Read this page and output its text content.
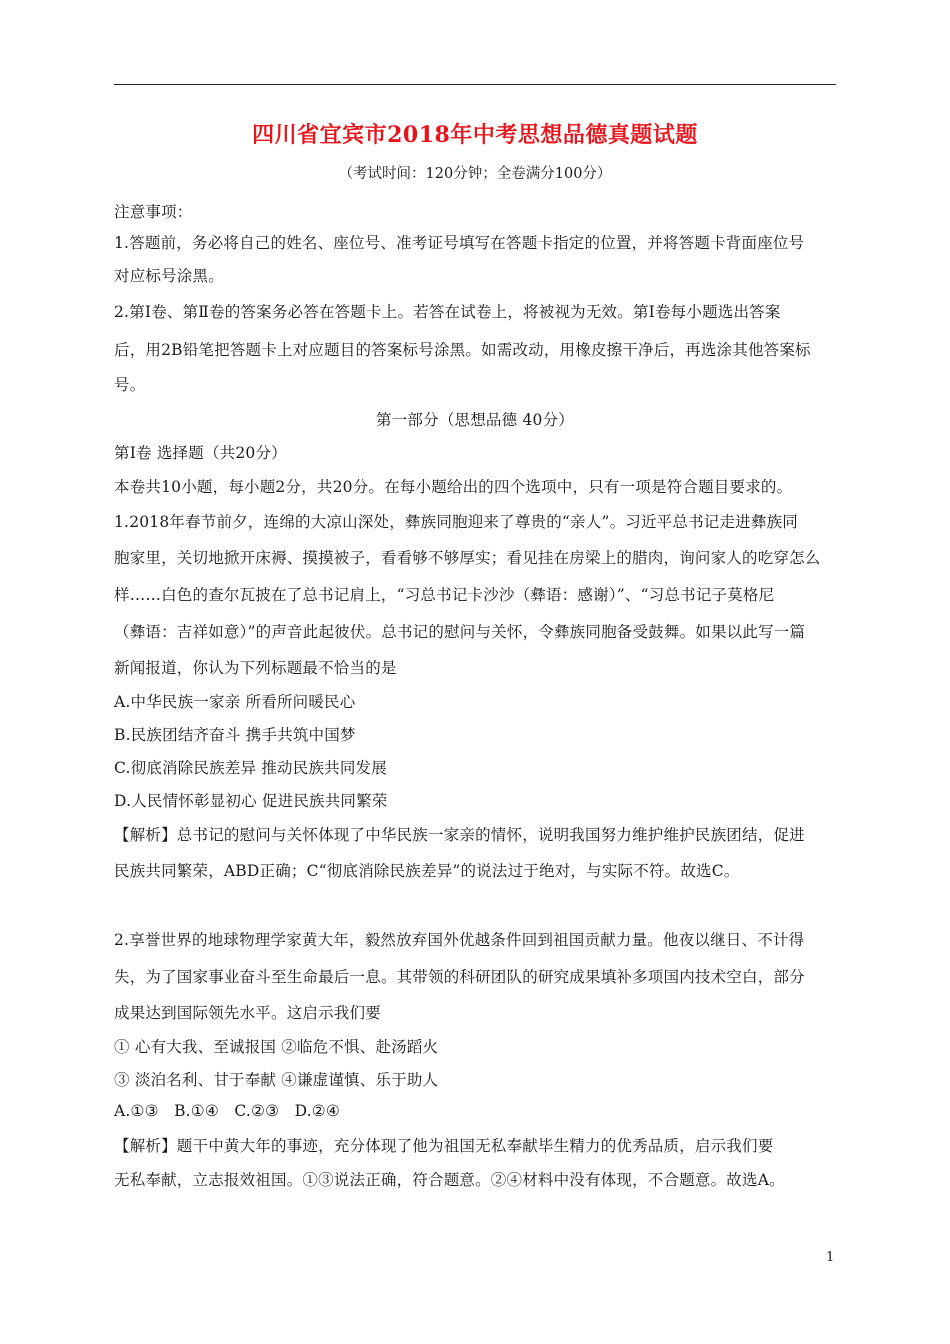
四川省宜宾市2018年中考思想品德真题试题
（考试时间：120分钟；全卷满分100分）
注意事项：
1.答题前，务必将自己的姓名、座位号、准考证号填写在答题卡指定的位置，并将答题卡背面座位号
对应标号涂黑。
2.第Ⅰ卷、第Ⅱ卷的答案务必答在答题卡上。若答在试卷上，将被视为无效。第Ⅰ卷每小题选出答案
后，用2B铅笔把答题卡上对应题目的答案标号涂黑。如需改动，用橡皮擦干净后，再选涂其他答案标
号。
第一部分（思想品德 40分）
第Ⅰ卷 选择题（共20分）
本卷共10小题，每小题2分，共20分。在每小题给出的四个选项中，只有一项是符合题目要求的。
1.2018年春节前夕，连绵的大凉山深处，彝族同胞迎来了尊贵的“亲人”。习近平总书记走进彝族同
胞家里，关切地掀开床褥、摸摸被子，看看够不够厚实；看见挂在房梁上的腊肉，询问家人的吃穿怎么
样……白色的查尔瓦披在了总书记肩上，“习总书记卡沙沙（彝语：感谢）”、“习总书记子莫格尼
（彝语：吉祥如意）”的声音此起彼伏。总书记的慰问与关怀，令彝族同胞备受鼓舞。如果以此写一篇
新闻报道，你认为下列标题最不恰当的是
A.中华民族一家亲 所看所问暖民心
B.民族团结齐奋斗 携手共筑中国梦
C.彻底消除民族差异 推动民族共同发展
D.人民情怀彰显初心 促进民族共同繁荣
【解析】总书记的慰问与关怀体现了中华民族一家亲的情怀，说明我国努力维护维护民族团结，促进
民族共同繁荣，ABD正确；C“彻底消除民族差异”的说法过于绝对，与实际不符。故选C。
2.享誉世界的地球物理学家黄大年，毅然放弃国外优越条件回到祖国贡献力量。他夜以继日、不计得
失，为了国家事业奋斗至生命最后一息。其带领的科研团队的研究成果填补多项国内技术空白，部分
成果达到国际领先水平。这启示我们要
① 心有大我、至诚报国 ②临危不惧、赴汤蹈火
③ 淡泊名利、甘于奉献 ④谦虚谨慎、乐于助人
A.①③   B.①④   C.②③   D.②④
【解析】题干中黄大年的事迹，充分体现了他为祖国无私奉献毕生精力的优秀品质，启示我们要
无私奉献，立志报效祖国。①③说法正确，符合题意。②④材料中没有体现，不合题意。故选A。
1
